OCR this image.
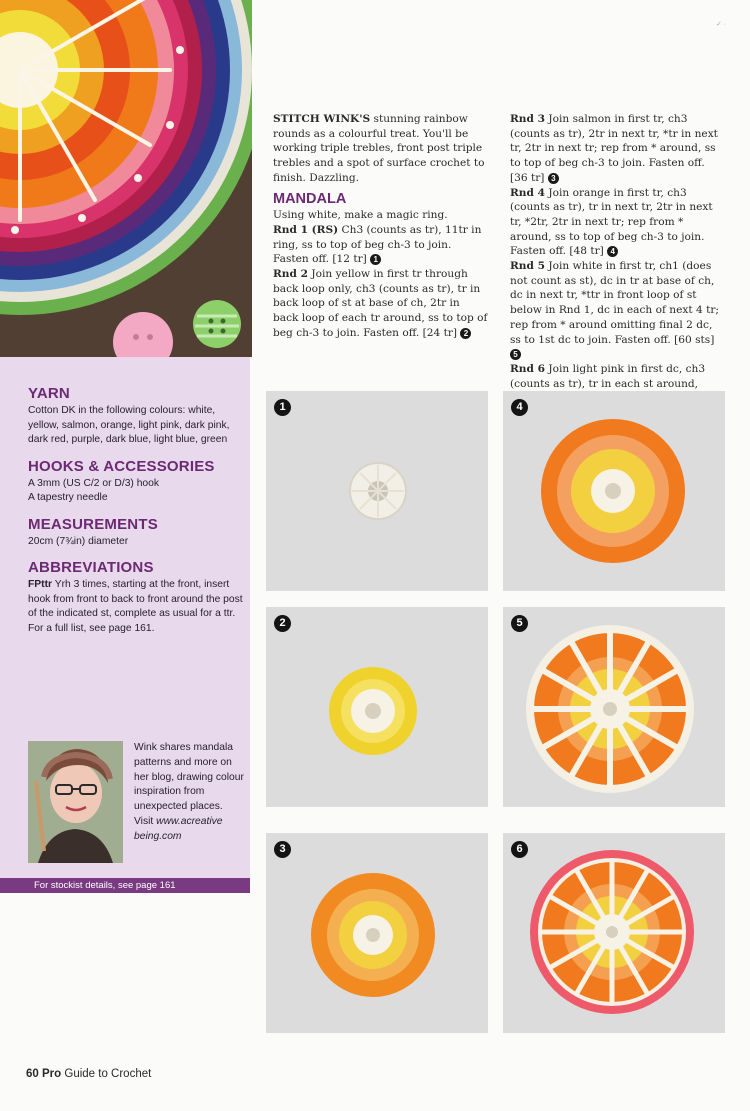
✓ ·

STITCH WINK'S stunning rainbow rounds as a colourful treat. You'll be working triple trebles, front post triple trebles and a spot of surface crochet to finish. Dazzling.

MANDALA

Using white, make a magic ring.

Rnd 1 (RS) Ch3 (counts as tr), 11tr in ring, ss to top of beg ch-3 to join. Fasten off. [12 tr] 1

Rnd 2 Join yellow in first tr through back loop only, ch3 (counts as tr), tr in back loop of st at base of ch, 2tr in back loop of each tr around, ss to top of beg ch-3 to join. Fasten off. [24 tr] 2

Rnd 3 Join salmon in first tr, ch3 (counts as tr), 2tr in next tr, *tr in next tr, 2tr in next tr; rep from * around, ss to top of beg ch-3 to join. Fasten off. [36 tr] 3

Rnd 4 Join orange in first tr, ch3 (counts as tr), tr in next tr, 2tr in next tr, *2tr, 2tr in next tr; rep from * around, ss to top of beg ch-3 to join. Fasten off. [48 tr] 4

Rnd 5 Join white in first tr, ch1 (does not count as st), dc in tr at base of ch, dc in next tr, *ttr in front loop of st below in Rnd 1, dc in each of next 4 tr; rep from * around omitting final 2 dc, ss to 1st dc to join. Fasten off. [60 sts] 5

Rnd 6 Join light pink in first dc, ch3 (counts as tr), tr in each st around,

YARN

Cotton DK in the following colours: white, yellow, salmon, orange, light pink, dark pink, dark red, purple, dark blue, light blue, green

HOOKS & ACCESSORIES

A 3mm (US C/2 or D/3) hook
A tapestry needle

MEASUREMENTS

20cm (7¾in) diameter

ABBREVIATIONS

FPttr Yrh 3 times, starting at the front, insert hook from front to back to front around the post of the indicated st, complete as usual for a ttr.
For a full list, see page 161.

Wink shares mandala patterns and more on her blog, drawing colour inspiration from unexpected places. Visit www.acreative being.com
For stockist details, see page 161
1	4
2	5
3	6
60 Pro Guide to Crochet
